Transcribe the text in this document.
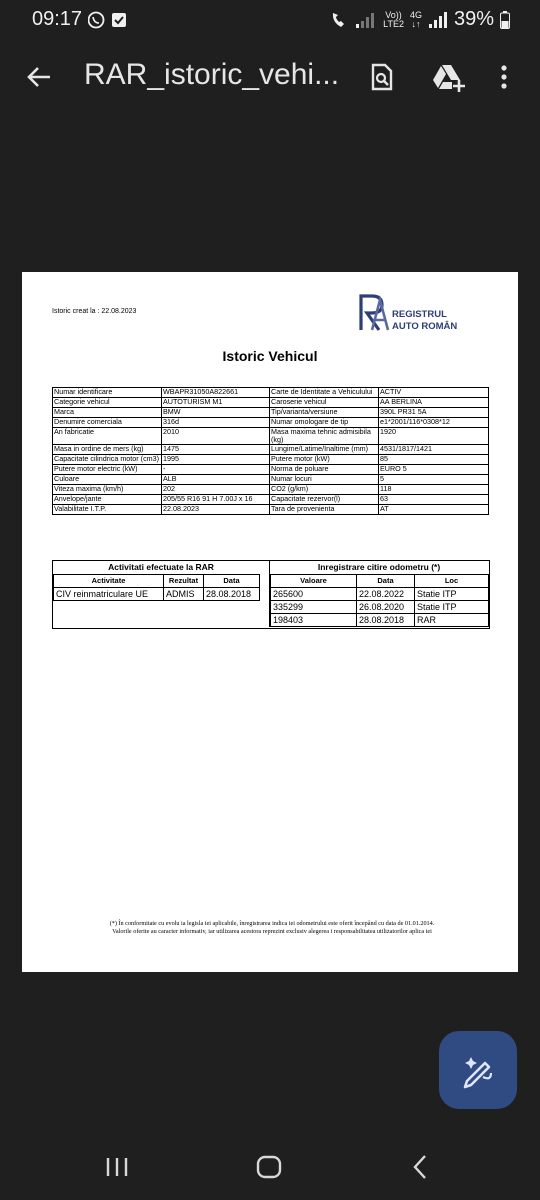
09:17	Vo))
LTE2
4G
↓↑ 39%
RAR_istoric_vehi...
Istoric creat la : 22.08.2023	REGISTRUL
AUTO ROMÂN
Istoric Vehicul
Numar identificare	WBAPR31050A822661	Carte de Identitate a Vehiculului	ACTIV
Categorie vehicul	AUTOTURISM M1	Caroserie vehicul	AA BERLINA
Marca	BMW	Tip/varianta/versiune	390L PR31 5A
Denumire comerciala	316d	Numar omologare de tip	e1*2001/116*0308*12
An fabricatie	2010	Masa maxima tehnic admisibila (kg)	1920
Masa in ordine de mers (kg)	1475	Lungime/Latime/Inaltime (mm)	4531/1817/1421
Capacitate cilindrica motor (cm3)	1995	Putere motor (kW)	85
Putere motor electric (kW)	-	Norma de poluare	EURO 5
Culoare	ALB	Numar locuri	5
Viteza maxima (km/h)	202	CO2 (g/km)	118
Anvelope/jante	205/55 R16 91 H 7.00J x 16	Capacitate rezervor(l)	63
Valabilitate I.T.P.	22.08.2023	Tara de provenienta	AT
Activitati efectuate la RAR	Inregistrare citire odometru (*)
Activitate	Rezultat	Data
CIV reinmatriculare UE	ADMIS	28.08.2018
Valoare	Data	Loc
265600	22.08.2022	Statie ITP
335299	26.08.2020	Statie ITP
198403	28.08.2018	RAR
(*) În conformitate cu evolu ia legisla iei aplicabile, înregistrarea indica iei odometrului este oferit începând cu data de 01.01.2014.
Valorile oferite au caracter informativ, iar utilizarea acestora reprezint exclusiv alegerea i responsabilitatea utilizatorilor aplica iei
